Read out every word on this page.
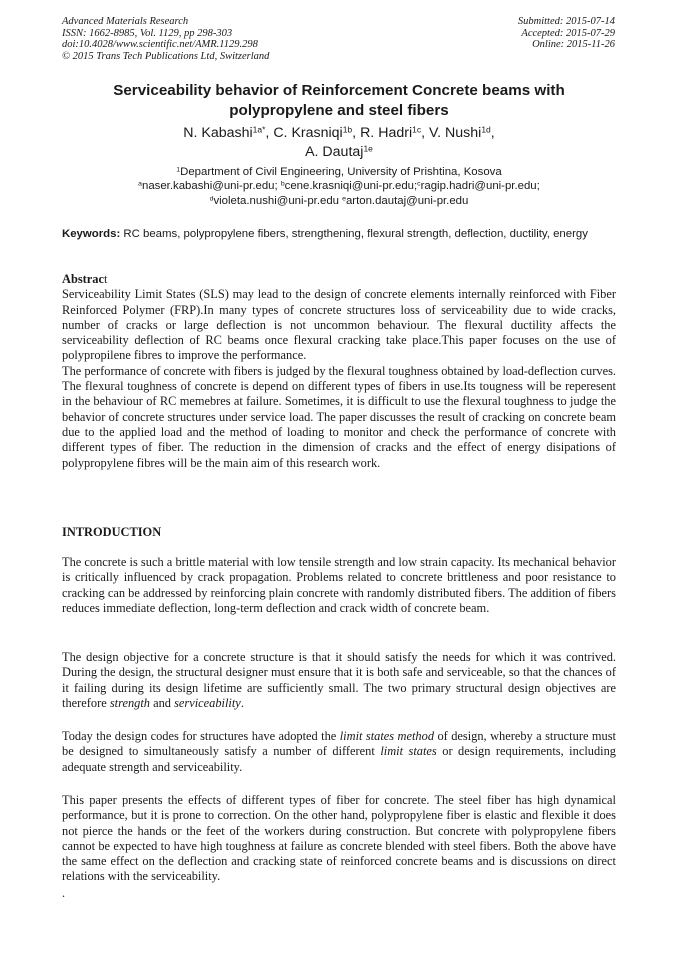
Advanced Materials Research
ISSN: 1662-8985, Vol. 1129, pp 298-303
doi:10.4028/www.scientific.net/AMR.1129.298
© 2015 Trans Tech Publications Ltd, Switzerland
Submitted: 2015-07-14
Accepted: 2015-07-29
Online: 2015-11-26
Serviceability behavior of Reinforcement Concrete beams with
polypropylene and steel fibers
N. Kabashi$^{1a*}$, C. Krasniqi$^{1b}$, R. Hadri$^{1c}$, V. Nushi$^{1d}$,
A. Dautaj$^{1e}$
$^1$Department of Civil Engineering, University of Prishtina, Kosova
$^a$naser.kabashi@uni-pr.edu; $^b$cene.krasniqi@uni-pr.edu;$^c$ragip.hadri@uni-pr.edu;
$^d$violeta.nushi@uni-pr.edu $^e$arton.dautaj@uni-pr.edu
Keywords: RC beams, polypropylene fibers, strengthening, flexural strength, deflection, ductility, energy

Abstract

Serviceability Limit States (SLS) may lead to the design of concrete elements internally reinforced with Fiber Reinforced Polymer (FRP).In many types of concrete structures loss of serviceability due to wide cracks, number of cracks or large deflection is not uncommon behaviour. The flexural ductility affects the serviceability deflection of RC beams once flexural cracking take place.This paper focuses on the use of polypropilene fibres to improve the performance.

The performance of concrete with fibers is judged by the flexural toughness obtained by load-deflection curves. The flexural toughness of concrete is depend on different types of fibers in use.Its tougness will be reperesent in the behaviour of RC memebres at failure. Sometimes, it is difficult to use the flexural toughness to judge the behavior of concrete structures under service load. The paper discusses the result of cracking on concrete beam due to the applied load and the method of loading to monitor and check the performance of concrete with different types of fiber. The reduction in the dimension of cracks and the effect of energy disipations of polypropylene fibres will be the main aim of this research work.

INTRODUCTION

The concrete is such a brittle material with low tensile strength and low strain capacity. Its mechanical behavior is critically influenced by crack propagation. Problems related to concrete brittleness and poor resistance to cracking can be addressed by reinforcing plain concrete with randomly distributed fibers. The addition of fibers reduces immediate deflection, long-term deflection and crack width of concrete beam.

The design objective for a concrete structure is that it should satisfy the needs for which it was contrived. During the design, the structural designer must ensure that it is both safe and serviceable, so that the chances of it failing during its design lifetime are sufficiently small. The two primary structural design objectives are therefore strength and serviceability.

Today the design codes for structures have adopted the limit states method of design, whereby a structure must be designed to simultaneously satisfy a number of different limit states or design requirements, including adequate strength and serviceability.

This paper presents the effects of different types of fiber for concrete. The steel fiber has high dynamical performance, but it is prone to correction. On the other hand, polypropylene fiber is elastic and flexible it does not pierce the hands or the feet of the workers during construction. But concrete with polypropylene fibers cannot be expected to have high toughness at failure as concrete blended with steel fibers. Both the above have the same effect on the deflection and cracking state of reinforced concrete beams and is discussions on direct relations with the serviceability.

.
